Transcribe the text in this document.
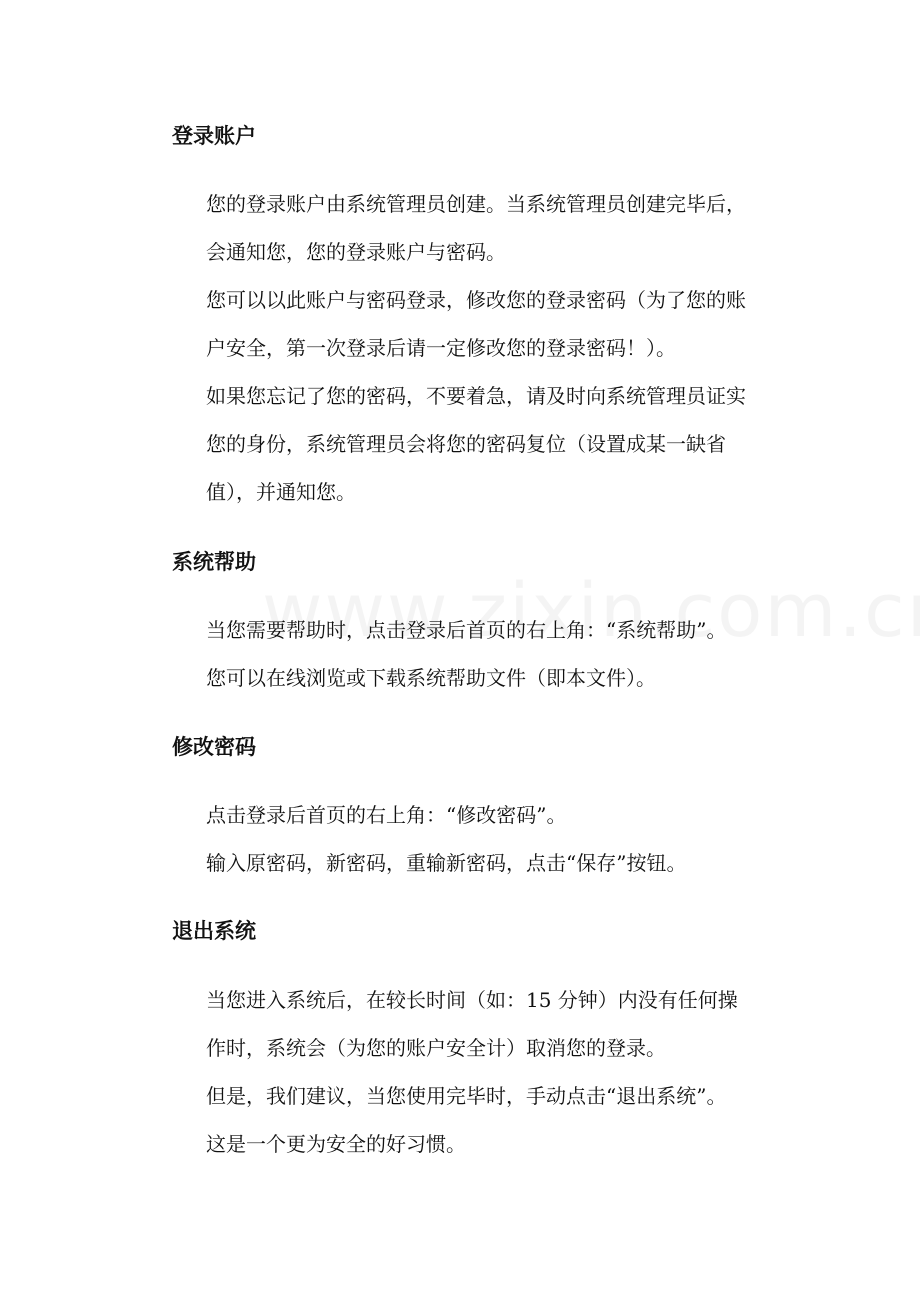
登录账户

您的登录账户由系统管理员创建。当系统管理员创建完毕后，
会通知您，您的登录账户与密码。

您可以以此账户与密码登录，修改您的登录密码（为了您的账
户安全，第一次登录后请一定修改您的登录密码！）。

如果您忘记了您的密码，不要着急，请及时向系统管理员证实
您的身份，系统管理员会将您的密码复位（设置成某一缺省
值），并通知您。

系统帮助

当您需要帮助时，点击登录后首页的右上角：“系统帮助”。

您可以在线浏览或下载系统帮助文件（即本文件）。

修改密码

点击登录后首页的右上角：“修改密码”。

输入原密码，新密码，重输新密码，点击“保存”按钮。

退出系统

当您进入系统后，在较长时间（如：15 分钟）内没有任何操
作时，系统会（为您的账户安全计）取消您的登录。

但是，我们建议，当您使用完毕时，手动点击“退出系统”。
这是一个更为安全的好习惯。
